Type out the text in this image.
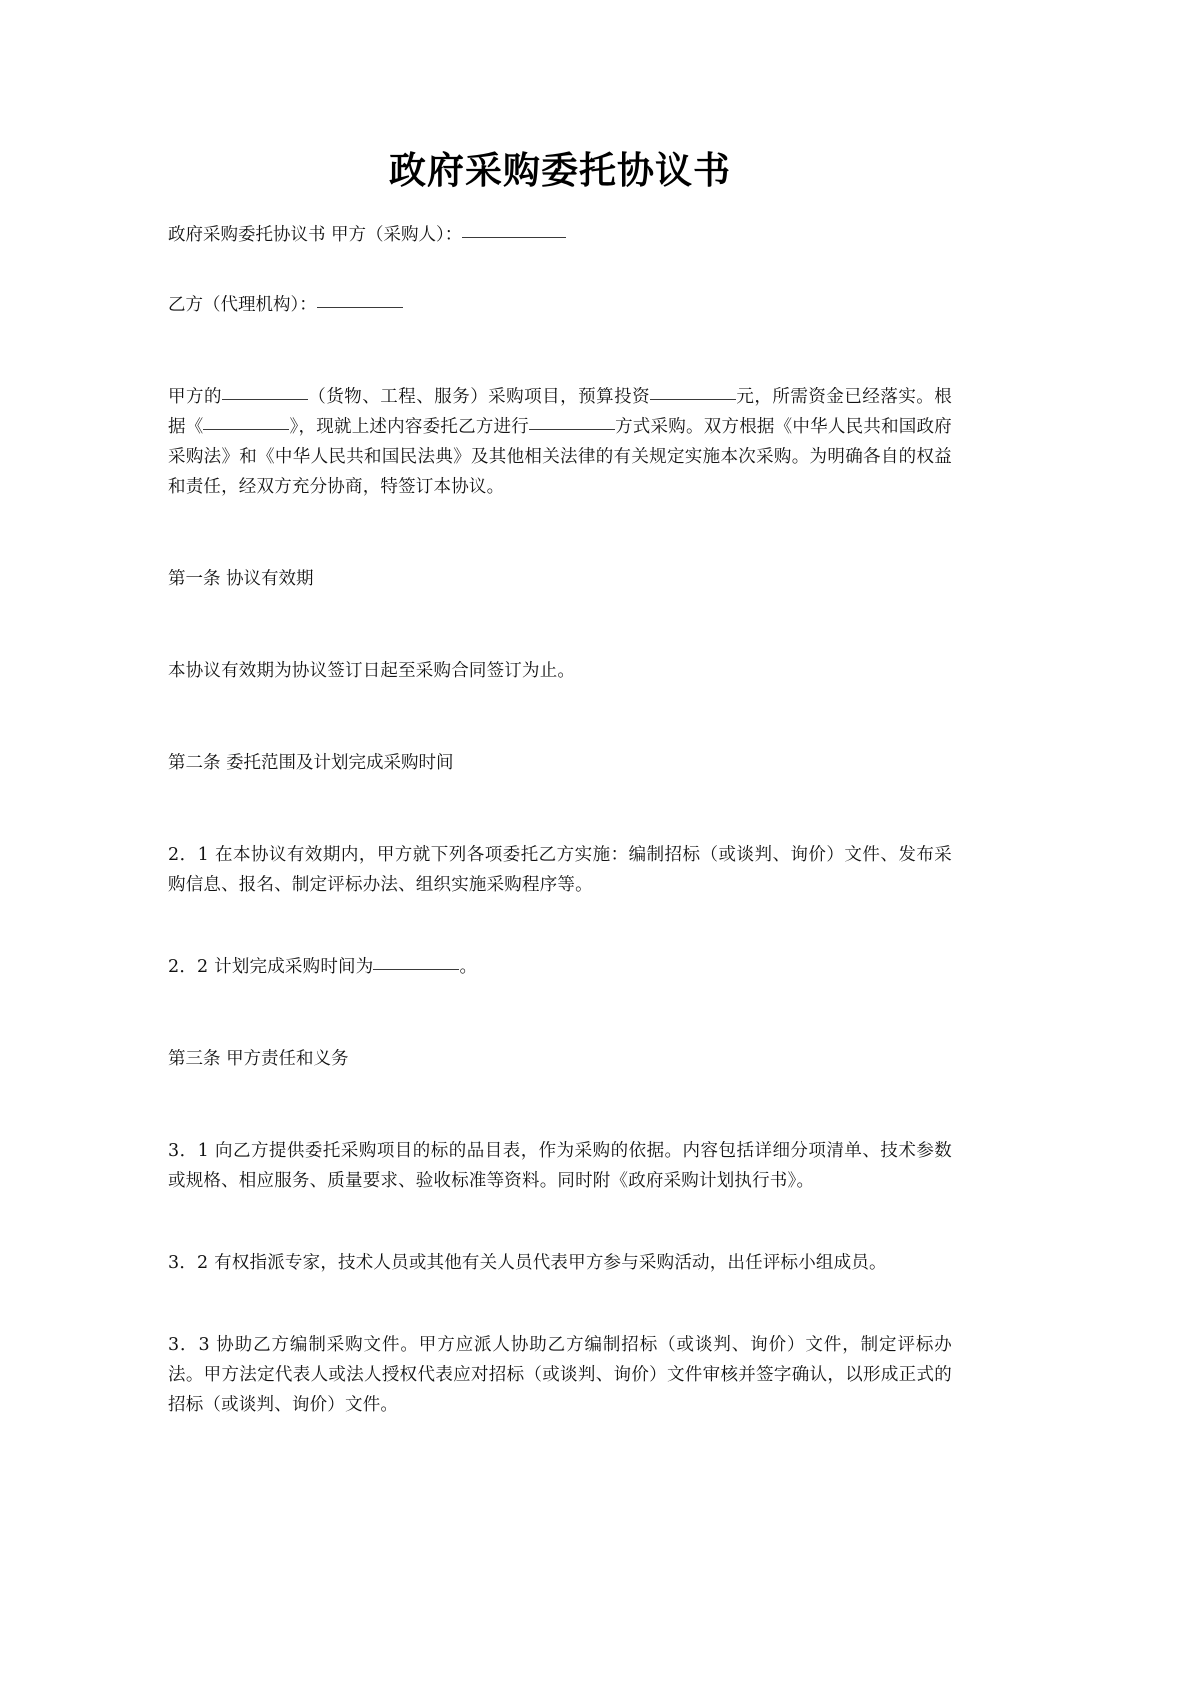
政府采购委托协议书

政府采购委托协议书 甲方（采购人）：

乙方（代理机构）：

甲方的	（货物、工程、服务）采购项目，预算投资	元，所需资金已经落实。根据《	》，现就上述内容委托乙方进行	方式采购。双方根据《中华人民共和国政府采购法》和《中华人民共和国民法典》及其他相关法律的有关规定实施本次采购。为明确各自的权益和责任，经双方充分协商，特签订本协议。

第一条 协议有效期

本协议有效期为协议签订日起至采购合同签订为止。

第二条 委托范围及计划完成采购时间

2．1 在本协议有效期内，甲方就下列各项委托乙方实施：编制招标（或谈判、询价）文件、发布采购信息、报名、制定评标办法、组织实施采购程序等。

2．2 计划完成采购时间为	。

第三条 甲方责任和义务

3．1 向乙方提供委托采购项目的标的品目表，作为采购的依据。内容包括详细分项清单、技术参数或规格、相应服务、质量要求、验收标准等资料。同时附《政府采购计划执行书》。

3．2 有权指派专家，技术人员或其他有关人员代表甲方参与采购活动，出任评标小组成员。

3．3 协助乙方编制采购文件。甲方应派人协助乙方编制招标（或谈判、询价）文件，制定评标办法。甲方法定代表人或法人授权代表应对招标（或谈判、询价）文件审核并签字确认，以形成正式的招标（或谈判、询价）文件。
